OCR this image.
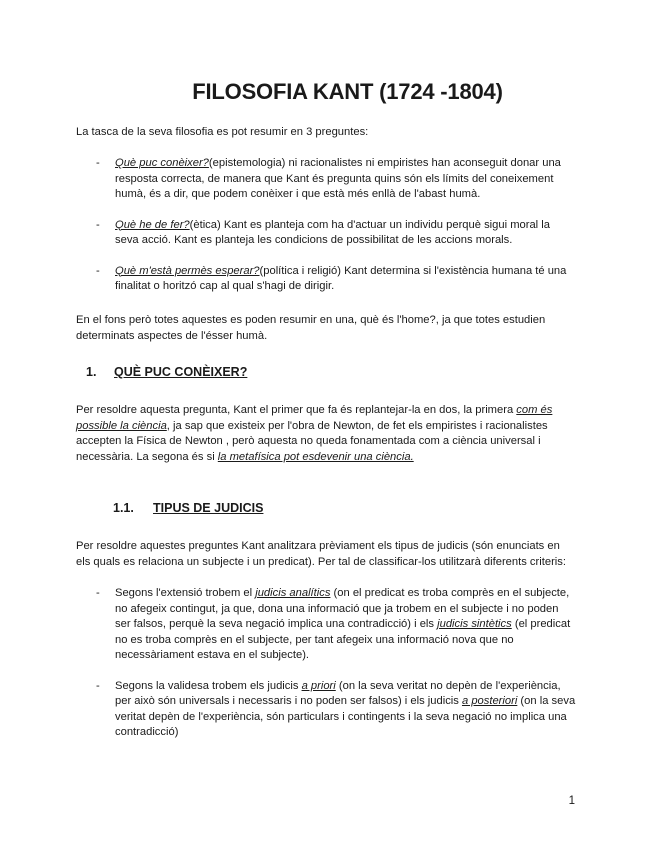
FILOSOFIA KANT (1724 -1804)

La tasca de la seva filosofia es pot resumir en 3 preguntes:

- Què puc conèixer?(epistemologia) ni racionalistes ni empiristes han aconseguit donar una resposta correcta, de manera que Kant és pregunta quins són els límits del coneixement humà, és a dir, que podem conèixer i que està més enllà de l'abast humà.
- Què he de fer?(ètica) Kant es planteja com ha d'actuar un individu perquè sigui moral la seva acció. Kant es planteja les condicions de possibilitat de les accions morals.
- Què m'està permès esperar?(política i religió) Kant determina si l'existència humana té una finalitat o horitzó cap al qual s'hagi de dirigir.

En el fons però totes aquestes es poden resumir en una, què és l'home?, ja que totes estudien determinats aspectes de l'ésser humà.

1. QUÈ PUC CONÈIXER?

Per resoldre aquesta pregunta, Kant el primer que fa és replantejar-la en dos, la primera com és possible la ciència, ja sap que existeix per l'obra de Newton, de fet els empiristes i racionalistes accepten la Física de Newton , però aquesta no queda fonamentada com a ciència universal i necessària. La segona és si la metafísica pot esdevenir una ciència.

1.1. TIPUS DE JUDICIS

Per resoldre aquestes preguntes Kant analitzara prèviament els tipus de judicis (són enunciats en els quals es relaciona un subjecte i un predicat). Per tal de classificar-los utilitzarà diferents criteris:

- Segons l'extensió trobem el judicis analítics (on el predicat es troba comprès en el subjecte, no afegeix contingut, ja que, dona una informació que ja trobem en el subjecte i no poden ser falsos, perquè la seva negació implica una contradicció) i els judicis sintètics (el predicat no es troba comprès en el subjecte, per tant afegeix una informació nova que no necessàriament estava en el subjecte).
- Segons la validesa trobem els judicis a priori (on la seva veritat no depèn de l'experiència, per això són universals i necessaris i no poden ser falsos) i els judicis a posteriori (on la seva veritat depèn de l'experiència, són particulars i contingents i la seva negació no implica una contradicció)
1
